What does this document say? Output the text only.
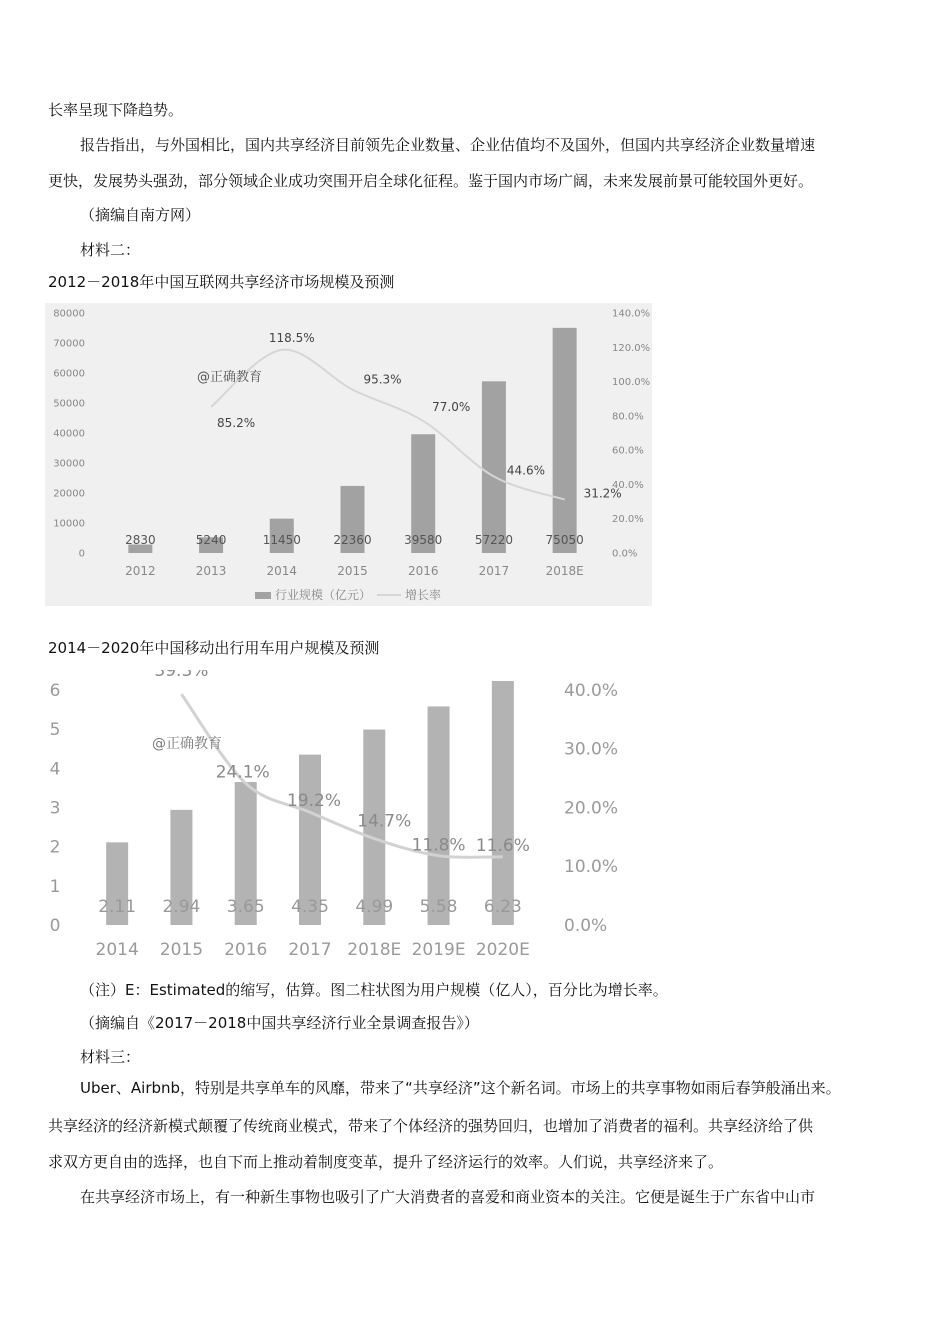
长率呈现下降趋势。
报告指出，与外国相比，国内共享经济目前领先企业数量、企业估值均不及国外，但国内共享经济企业数量增速
更快，发展势头强劲，部分领域企业成功突围开启全球化征程。鉴于国内市场广阔，未来发展前景可能较国外更好。
（摘编自南方网）
材料二：
2012－2018年中国互联网共享经济市场规模及预测
0
10000
20000
30000
40000
50000
60000
70000
80000
0.0%
20.0%
40.0%
60.0%
80.0%
100.0%
120.0%
140.0%
2830	5240	11450	22360	39580	57220	75050
2012	2013	2014	2015	2016	2017	2018E
85.2%
118.5%
95.3%
77.0%
44.6%
31.2%
@正确教育
行业规模（亿元）	增长率
2014－2020年中国移动出行用车用户规模及预测
0
1
2
3
4
5
6
0.0%
10.0%
20.0%
30.0%
40.0%
2.11 2.94 3.65 4.35 4.99 5.58 6.23
2014 2015 2016 2017 2018E 2019E 2020E
39.3%
24.1%
19.2%
14.7%
11.8% 11.6%
@正确教育
（注）E：Estimated的缩写，估算。图二柱状图为用户规模（亿人），百分比为增长率。
（摘编自《2017－2018中国共享经济行业全景调查报告》）
材料三：
Uber、Airbnb，特别是共享单车的风靡，带来了“共享经济”这个新名词。市场上的共享事物如雨后春笋般涌出来。
共享经济的经济新模式颠覆了传统商业模式，带来了个体经济的强势回归，也增加了消费者的福利。共享经济给了供
求双方更自由的选择，也自下而上推动着制度变革，提升了经济运行的效率。人们说，共享经济来了。
在共享经济市场上，有一种新生事物也吸引了广大消费者的喜爱和商业资本的关注。它便是诞生于广东省中山市
